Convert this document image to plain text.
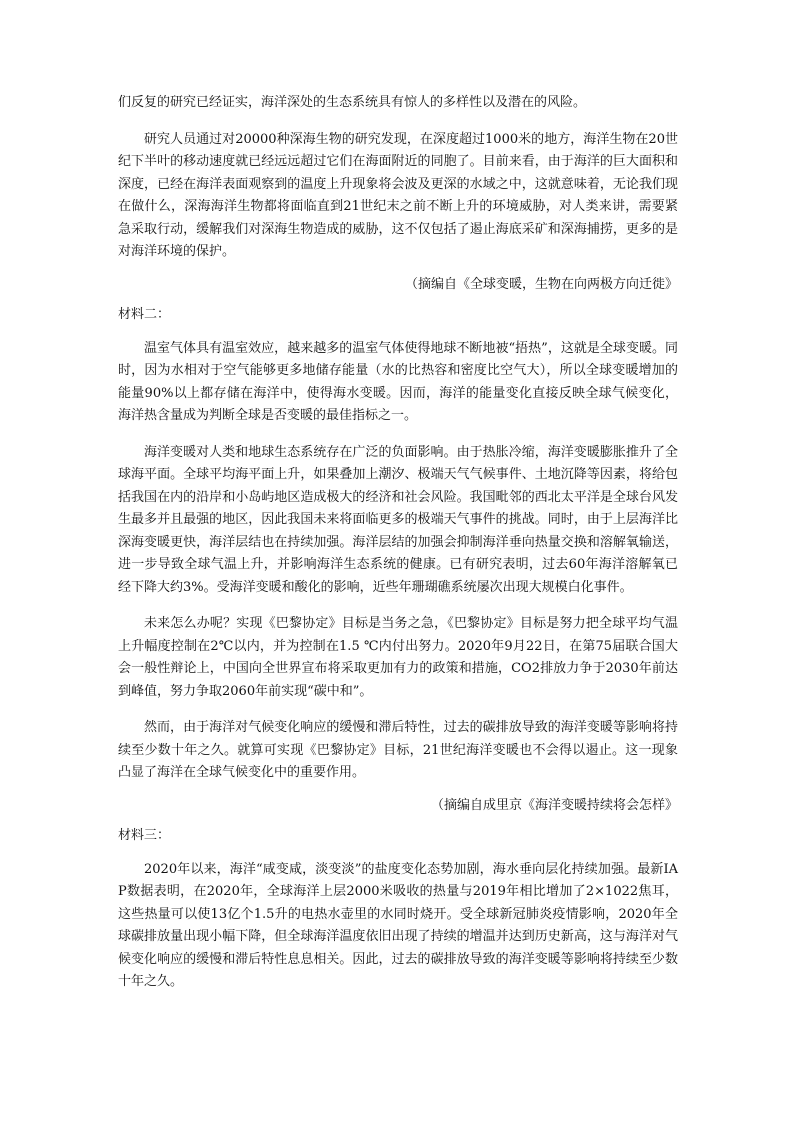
们反复的研究已经证实，海洋深处的生态系统具有惊人的多样性以及潜在的风险。

研究人员通过对20000种深海生物的研究发现，在深度超过1000米的地方，海洋生物在20世纪下半叶的移动速度就已经远远超过它们在海面附近的同胞了。目前来看，由于海洋的巨大面积和深度，已经在海洋表面观察到的温度上升现象将会波及更深的水域之中，这就意味着，无论我们现在做什么，深海海洋生物都将面临直到21世纪末之前不断上升的环境威胁，对人类来讲，需要紧急采取行动，缓解我们对深海生物造成的威胁，这不仅包括了遏止海底采矿和深海捕捞，更多的是对海洋环境的保护。

（摘编自《全球变暖，生物在向两极方向迁徙》

材料二：

温室气体具有温室效应，越来越多的温室气体使得地球不断地被“捂热”，这就是全球变暖。同时，因为水相对于空气能够更多地储存能量（水的比热容和密度比空气大），所以全球变暖增加的能量90%以上都存储在海洋中，使得海水变暖。因而，海洋的能量变化直接反映全球气候变化，海洋热含量成为判断全球是否变暖的最佳指标之一。

海洋变暖对人类和地球生态系统存在广泛的负面影响。由于热胀冷缩，海洋变暖膨胀推升了全球海平面。全球平均海平面上升，如果叠加上潮汐、极端天气气候事件、土地沉降等因素，将给包括我国在内的沿岸和小岛屿地区造成极大的经济和社会风险。我国毗邻的西北太平洋是全球台风发生最多并且最强的地区，因此我国未来将面临更多的极端天气事件的挑战。同时，由于上层海洋比深海变暖更快，海洋层结也在持续加强。海洋层结的加强会抑制海洋垂向热量交换和溶解氧输送，进一步导致全球气温上升，并影响海洋生态系统的健康。已有研究表明，过去60年海洋溶解氧已经下降大约3%。受海洋变暖和酸化的影响，近些年珊瑚礁系统屡次出现大规模白化事件。

未来怎么办呢？实现《巴黎协定》目标是当务之急，《巴黎协定》目标是努力把全球平均气温上升幅度控制在2℃以内，并为控制在1.5 ℃内付出努力。2020年9月22日，在第75届联合国大会一般性辩论上，中国向全世界宣布将采取更加有力的政策和措施，CO2排放力争于2030年前达到峰值，努力争取2060年前实现“碳中和”。

然而，由于海洋对气候变化响应的缓慢和滞后特性，过去的碳排放导致的海洋变暖等影响将持续至少数十年之久。就算可实现《巴黎协定》目标，21世纪海洋变暖也不会得以遏止。这一现象凸显了海洋在全球气候变化中的重要作用。

（摘编自成里京《海洋变暖持续将会怎样》

材料三：

2020年以来，海洋“咸变咸，淡变淡”的盐度变化态势加剧，海水垂向层化持续加强。最新IAP数据表明，在2020年，全球海洋上层2000米吸收的热量与2019年相比增加了2×1022焦耳，这些热量可以使13亿个1.5升的电热水壶里的水同时烧开。受全球新冠肺炎疫情影响，2020年全球碳排放量出现小幅下降，但全球海洋温度依旧出现了持续的增温并达到历史新高，这与海洋对气候变化响应的缓慢和滞后特性息息相关。因此，过去的碳排放导致的海洋变暖等影响将持续至少数十年之久。
